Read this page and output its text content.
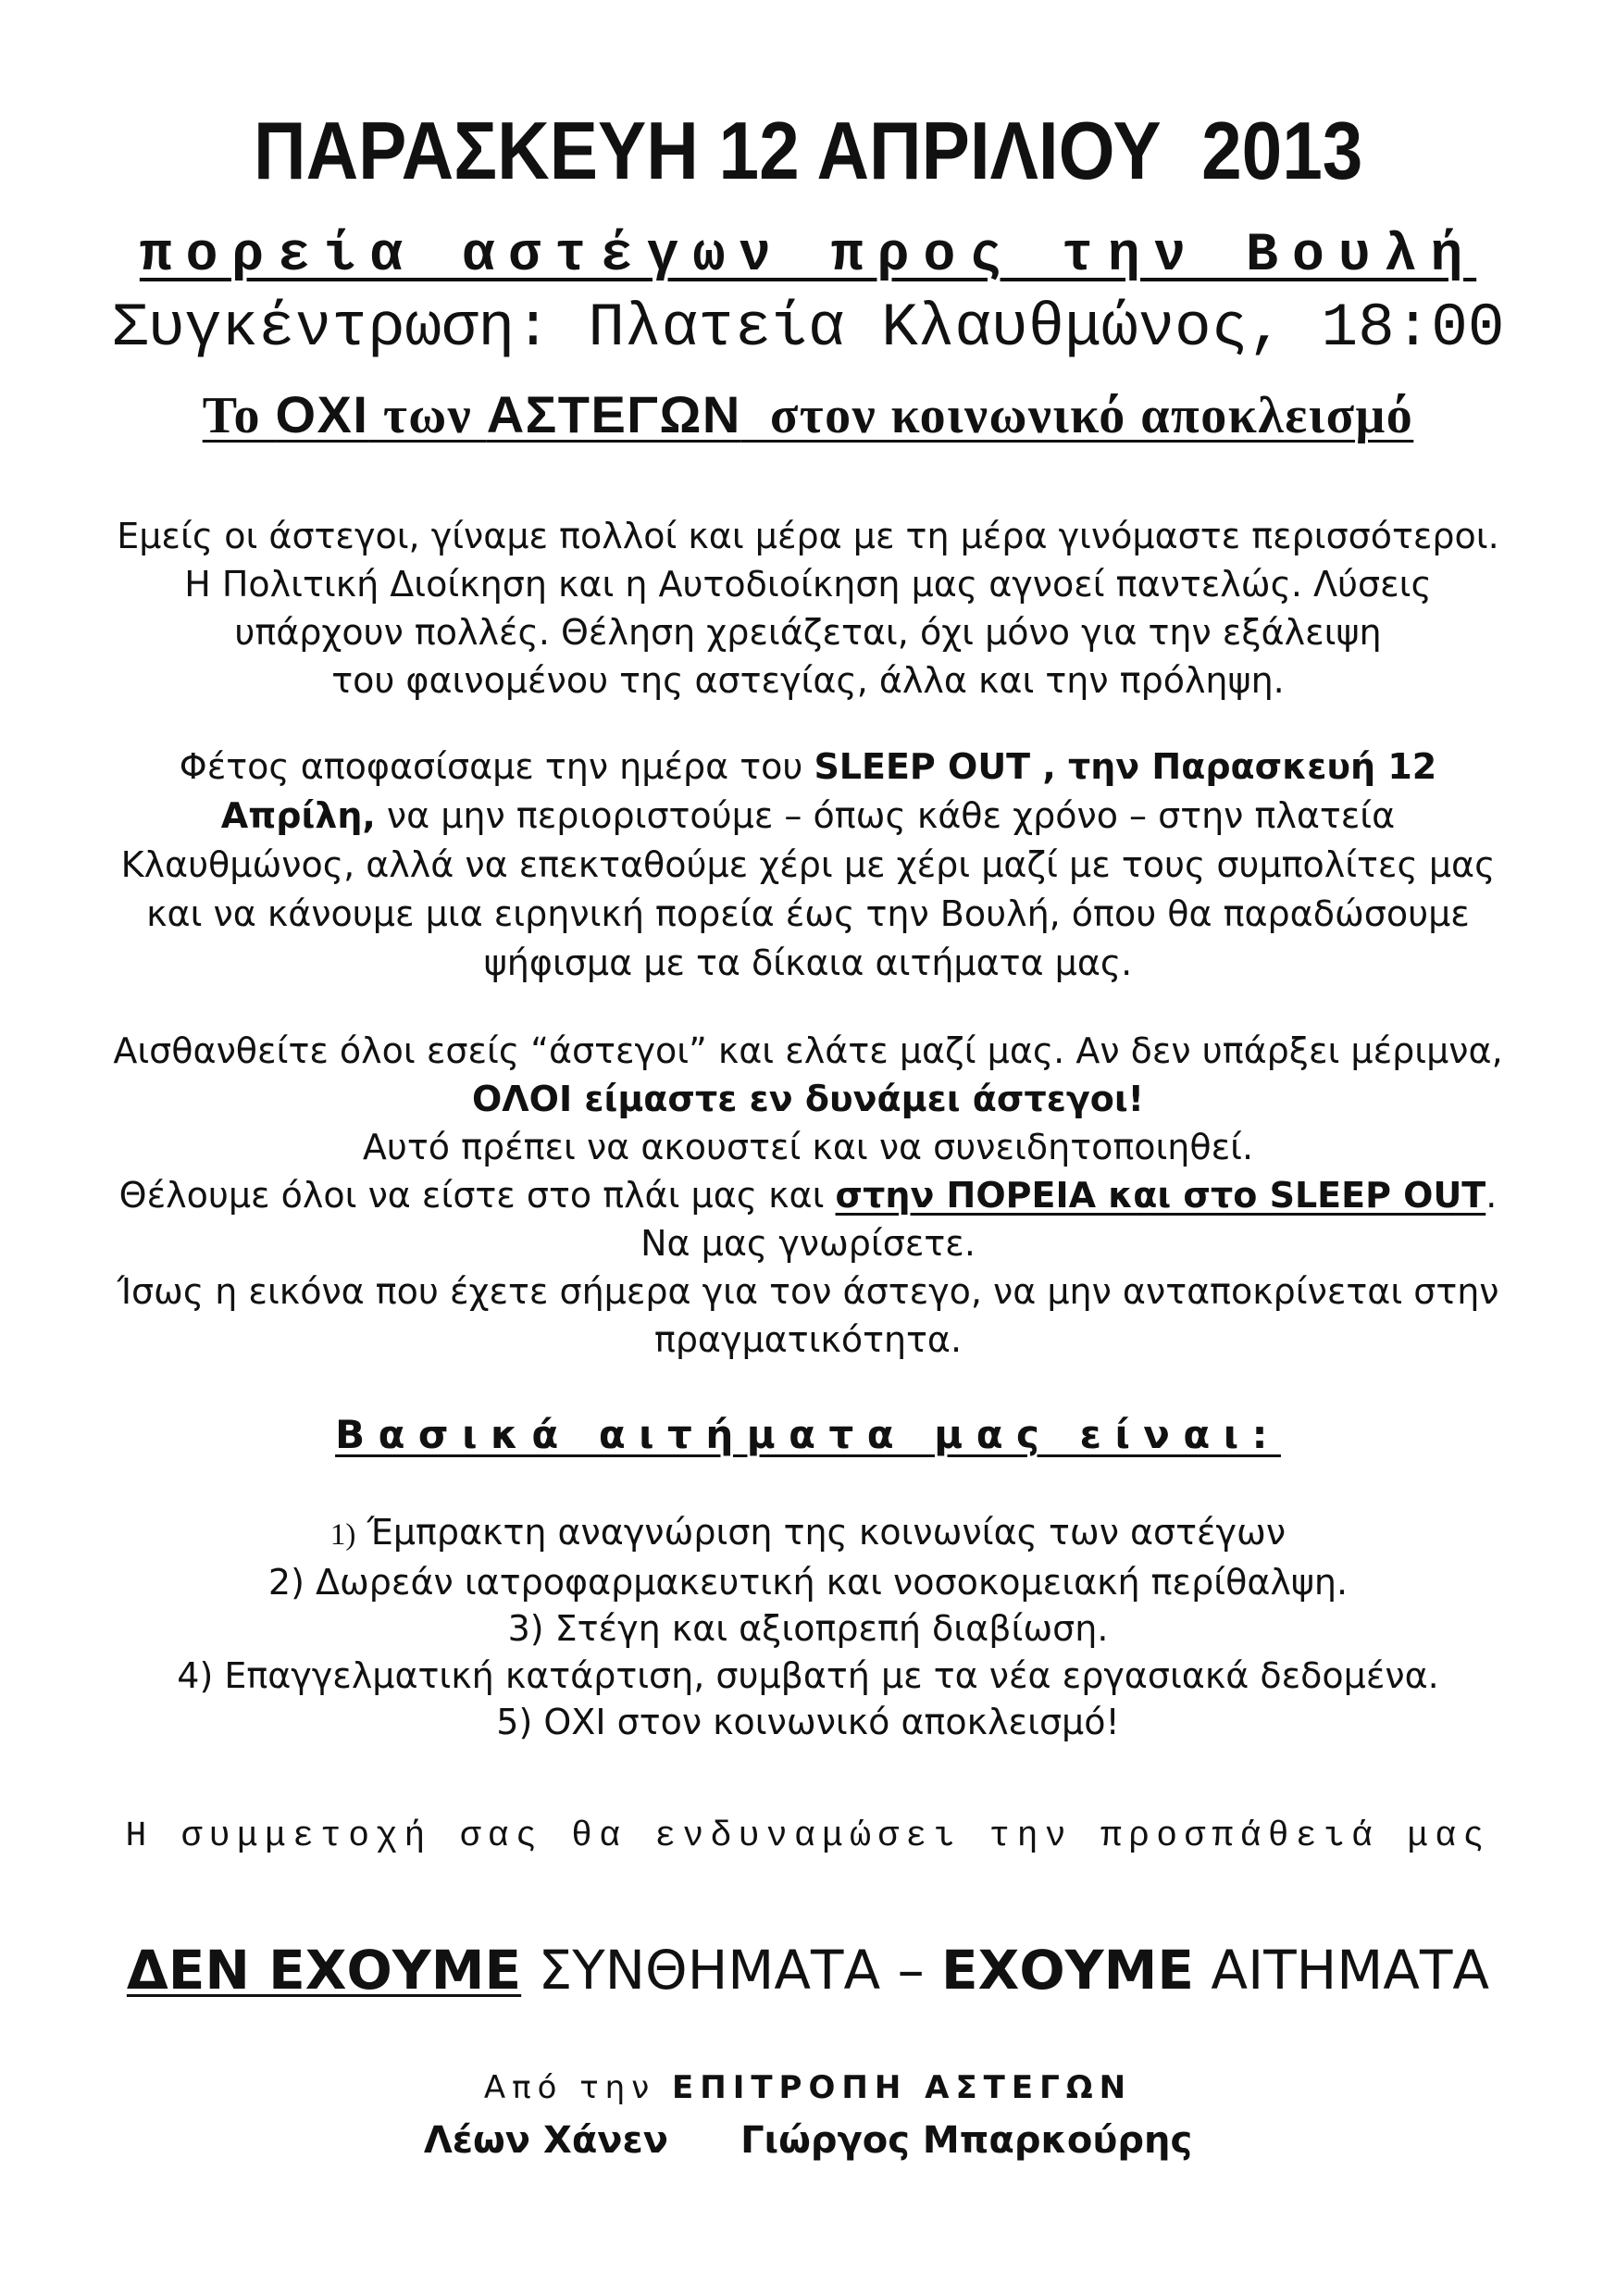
ΠΑΡΑΣΚΕΥΗ 12 ΑΠΡΙΛΙΟΥ  2013
πορεία αστέγων προς την Βουλή
Συγκέντρωση: Πλατεία Κλαυθμώνος, 18:00
Το ΟΧΙ των ΑΣΤΕΓΩΝ  στον κοινωνικό αποκλεισμό
Εμείς οι άστεγοι, γίναμε πολλοί και μέρα με τη μέρα γινόμαστε περισσότεροι.
Η Πολιτική Διοίκηση και η Αυτοδιοίκηση μας αγνοεί παντελώς. Λύσεις
υπάρχουν πολλές. Θέληση χρειάζεται, όχι μόνο για την εξάλειψη
του φαινομένου της αστεγίας, άλλα και την πρόληψη.
Φέτος αποφασίσαμε την ημέρα του SLEEP OUT , την Παρασκευή 12
Απρίλη, να μην περιοριστούμε – όπως κάθε χρόνο – στην πλατεία
Κλαυθμώνος, αλλά να επεκταθούμε χέρι με χέρι μαζί με τους συμπολίτες μας
και να κάνουμε μια ειρηνική πορεία έως την Βουλή, όπου θα παραδώσουμε
ψήφισμα με τα δίκαια αιτήματα μας.
Αισθανθείτε όλοι εσείς “άστεγοι” και ελάτε μαζί μας. Αν δεν υπάρξει μέριμνα,
ΟΛΟΙ είμαστε εν δυνάμει άστεγοι!
Αυτό πρέπει να ακουστεί και να συνειδητοποιηθεί.
Θέλουμε όλοι να είστε στο πλάι μας και στην ΠΟΡΕΙΑ και στο SLEEP OUT.
Να μας γνωρίσετε.
Ίσως η εικόνα που έχετε σήμερα για τον άστεγο, να μην ανταποκρίνεται στην
πραγματικότητα.
Βασικά αιτήματα μας είναι:
1) Έμπρακτη αναγνώριση της κοινωνίας των αστέγων
2) Δωρεάν ιατροφαρμακευτική και νοσοκομειακή περίθαλψη.
3) Στέγη και αξιοπρεπή διαβίωση.
4) Επαγγελματική κατάρτιση, συμβατή με τα νέα εργασιακά δεδομένα.
5) ΟΧΙ στον κοινωνικό αποκλεισμό!
Η συμμετοχή σας θα ενδυναμώσει την προσπάθειά μας
ΔΕΝ ΕΧΟΥΜΕ ΣΥΝΘΗΜΑΤΑ – ΕΧΟΥΜΕ ΑΙΤΗΜΑΤΑ
Από την ΕΠΙΤΡΟΠΗ ΑΣΤΕΓΩΝ
Λέων Χάνεν Γιώργος Μπαρκούρης
